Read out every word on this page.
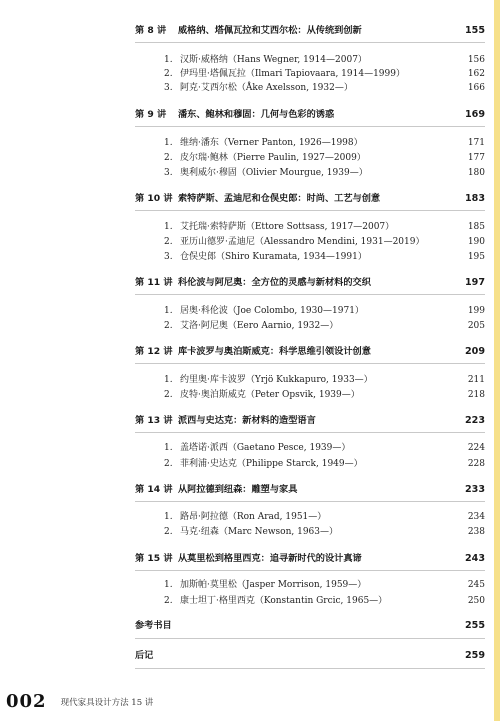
第 8 讲 威格纳、塔佩瓦拉和艾西尔松：从传统到创新	155
1. 汉斯·威格纳（Hans Wegner, 1914—2007）	156
2. 伊玛里·塔佩瓦拉（Ilmari Tapiovaara, 1914—1999）	162
3. 阿克·艾西尔松（Åke Axelsson, 1932—）	166
第 9 讲 潘东、鲍林和穆固：几何与色彩的诱惑	169
1. 维纳·潘东（Verner Panton, 1926—1998）	171
2. 皮尔瑞·鲍林（Pierre Paulin, 1927—2009）	177
3. 奥利威尔·穆固（Olivier Mourgue, 1939—）	180
第 10 讲 索特萨斯、孟迪尼和仓俣史郎：时尚、工艺与创意	183
1. 艾托瑞·索特萨斯（Ettore Sottsass, 1917—2007）	185
2. 亚历山德罗·孟迪尼（Alessandro Mendini, 1931—2019）	190
3. 仓俣史郎（Shiro Kuramata, 1934—1991）	195
第 11 讲 科伦波与阿尼奥：全方位的灵感与新材料的交织	197
1. 居奥·科伦波（Joe Colombo, 1930—1971）	199
2. 艾洛·阿尼奥（Eero Aarnio, 1932—）	205
第 12 讲 库卡波罗与奥泊斯威克：科学思维引领设计创意	209
1. 约里奥·库卡波罗（Yrjö Kukkapuro, 1933—）	211
2. 皮特·奥泊斯威克（Peter Opsvik, 1939—）	218
第 13 讲 派西与史达克：新材料的造型语言	223
1. 盖塔诺·派西（Gaetano Pesce, 1939—）	224
2. 菲利浦·史达克（Philippe Starck, 1949—）	228
第 14 讲 从阿拉德到纽森：雕塑与家具	233
1. 路昂·阿拉德（Ron Arad, 1951—）	234
2. 马克·纽森（Marc Newson, 1963—）	238
第 15 讲 从莫里松到格里西克：追寻新时代的设计真谛	243
1. 加斯帕·莫里松（Jasper Morrison, 1959—）	245
2. 康士坦丁·格里西克（Konstantin Grcic, 1965—）	250
参考书目	255
后记	259
002 现代家具设计方法 15 讲
